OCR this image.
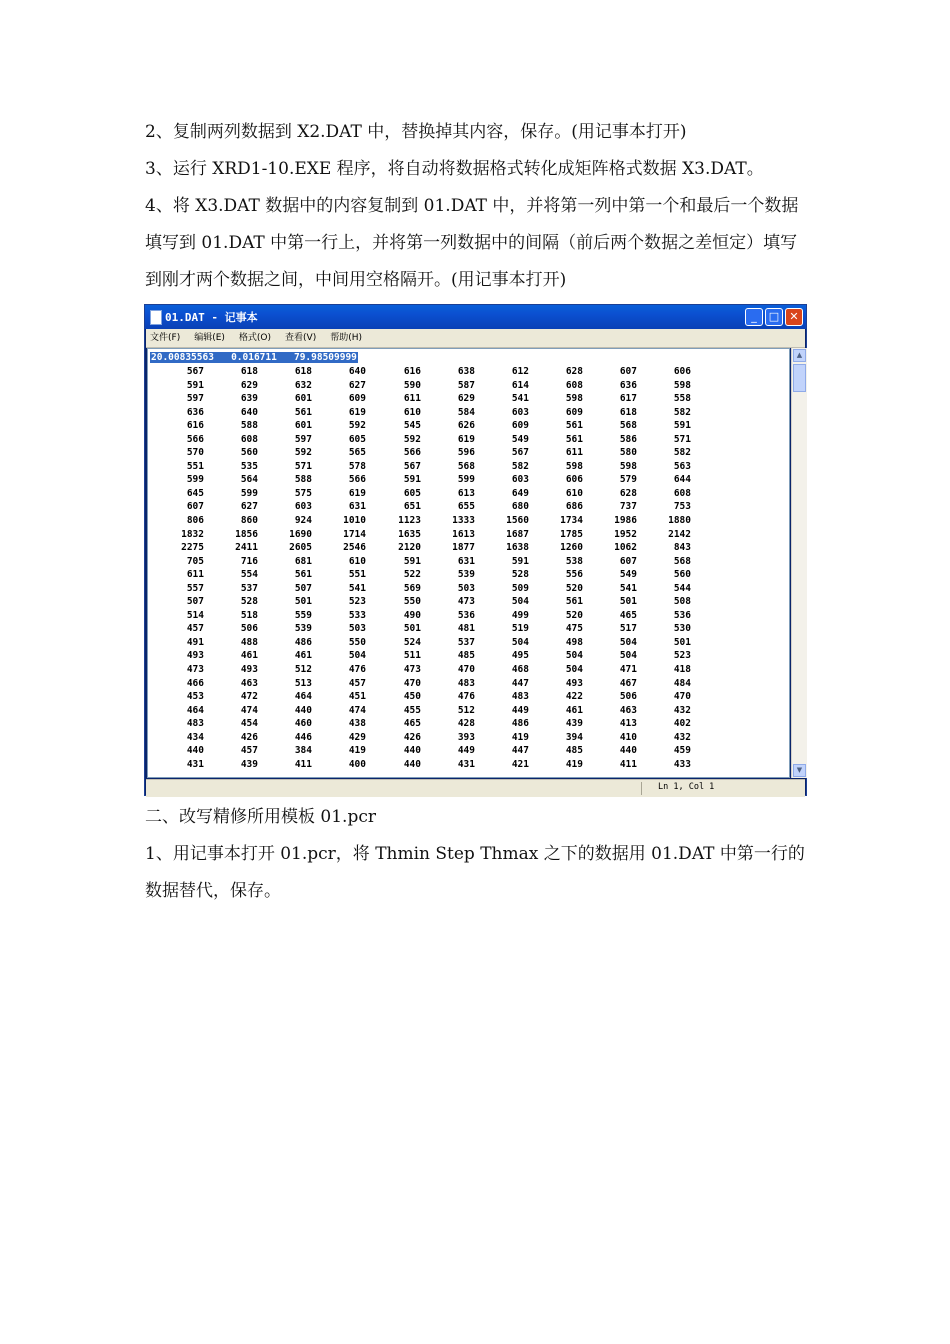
2、复制两列数据到 X2.DAT 中，替换掉其内容，保存。(用记事本打开)

3、运行 XRD1-10.EXE 程序，将自动将数据格式转化成矩阵格式数据 X3.DAT。

4、将 X3.DAT 数据中的内容复制到 01.DAT 中，并将第一列中第一个和最后一个数据填写到 01.DAT 中第一行上，并将第一列数据中的间隔（前后两个数据之差恒定）填写到刚才两个数据之间，中间用空格隔开。(用记事本打开)

01.DAT - 记事本	_	□ ✕
文件(F) 编辑(E) 格式(O) 查看(V) 帮助(H)
20.00835563   0.016711   79.98509999
567	618	618	640	616	638	612	628	607	606
591	629	632	627	590	587	614	608	636	598
597	639	601	609	611	629	541	598	617	558
636	640	561	619	610	584	603	609	618	582
616	588	601	592	545	626	609	561	568	591
566	608	597	605	592	619	549	561	586	571
570	560	592	565	566	596	567	611	580	582
551	535	571	578	567	568	582	598	598	563
599	564	588	566	591	599	603	606	579	644
645	599	575	619	605	613	649	610	628	608
607	627	603	631	651	655	680	686	737	753
806	860	924	1010	1123	1333	1560	1734	1986	1880
1832	1856	1690	1714	1635	1613	1687	1785	1952	2142
2275	2411	2605	2546	2120	1877	1638	1260	1062	843
705	716	681	610	591	631	591	538	607	568
611	554	561	551	522	539	528	556	549	560
557	537	507	541	569	503	509	520	541	544
507	528	501	523	550	473	504	561	501	508
514	518	559	533	490	536	499	520	465	536
457	506	539	503	501	481	519	475	517	530
491	488	486	550	524	537	504	498	504	501
493	461	461	504	511	485	495	504	504	523
473	493	512	476	473	470	468	504	471	418
466	463	513	457	470	483	447	493	467	484
453	472	464	451	450	476	483	422	506	470
464	474	440	474	455	512	449	461	463	432
483	454	460	438	465	428	486	439	413	402
434	426	446	429	426	393	419	394	410	432
440	457	384	419	440	449	447	485	440	459
431	439	411	400	440	431	421	419	411	433
▲
▼
Ln 1, Col 1

二、改写精修所用模板 01.pcr

1、用记事本打开 01.pcr，将 Thmin Step Thmax 之下的数据用 01.DAT 中第一行的数据替代，保存。
